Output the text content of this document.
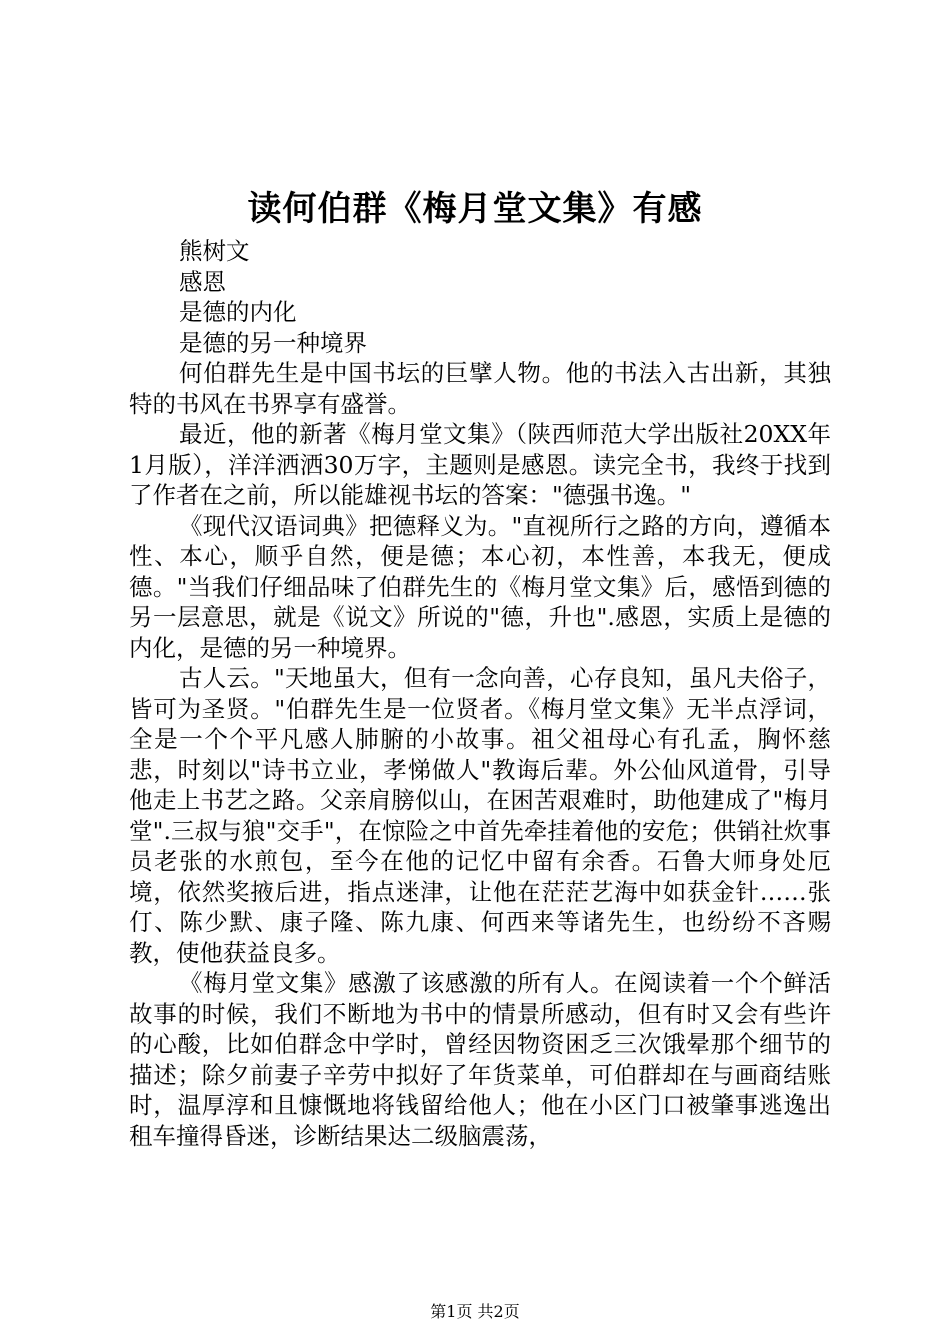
读何伯群《梅月堂文集》有感

熊树文

感恩

是德的内化

是德的另一种境界

何伯群先生是中国书坛的巨擘人物。他的书法入古出新，其独特的书风在书界享有盛誉。

最近，他的新著《梅月堂文集》（陕西师范大学出版社20XX年1月版），洋洋洒洒30万字，主题则是感恩。读完全书，我终于找到了作者在之前，所以能雄视书坛的答案："德强书逸。"

《现代汉语词典》把德释义为。"直视所行之路的方向，遵循本性、本心，顺乎自然，便是德；本心初，本性善，本我无，便成德。"当我们仔细品味了伯群先生的《梅月堂文集》后，感悟到德的另一层意思，就是《说文》所说的"德，升也".感恩，实质上是德的内化，是德的另一种境界。

古人云。"天地虽大，但有一念向善，心存良知，虽凡夫俗子，皆可为圣贤。"伯群先生是一位贤者。《梅月堂文集》无半点浮词，全是一个个平凡感人肺腑的小故事。祖父祖母心有孔孟，胸怀慈悲，时刻以"诗书立业，孝悌做人"教诲后辈。外公仙风道骨，引导他走上书艺之路。父亲肩膀似山，在困苦艰难时，助他建成了"梅月堂".三叔与狼"交手"，在惊险之中首先牵挂着他的安危；供销社炊事员老张的水煎包，至今在他的记忆中留有余香。石鲁大师身处厄境，依然奖掖后进，指点迷津，让他在茫茫艺海中如获金针……张仃、陈少默、康子隆、陈九康、何西来等诸先生，也纷纷不吝赐教，使他获益良多。

《梅月堂文集》感激了该感激的所有人。在阅读着一个个鲜活故事的时候，我们不断地为书中的情景所感动，但有时又会有些许的心酸，比如伯群念中学时，曾经因物资困乏三次饿晕那个细节的描述；除夕前妻子辛劳中拟好了年货菜单，可伯群却在与画商结账时，温厚淳和且慷慨地将钱留给他人；他在小区门口被肇事逃逸出租车撞得昏迷，诊断结果达二级脑震荡，

第1页 共2页
